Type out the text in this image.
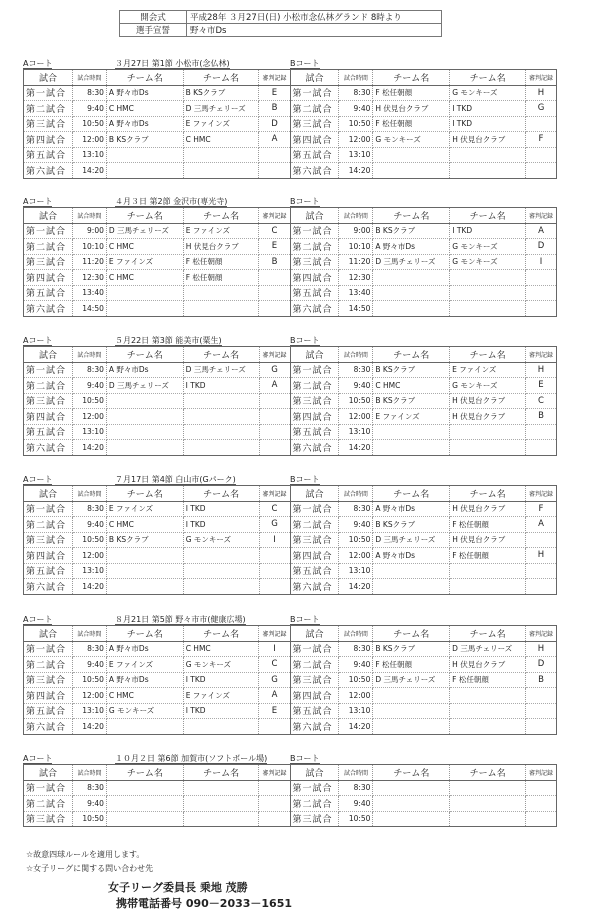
開会式	平成28年 ３月27日(日) 小松市念仏林グランド 8時より
選手宣誓	野々市Ds
Aコート	３月27日 第1節 小松市(念仏林)	Bコート
試合	試合時間	チーム名	チーム名	審判記録
第一試合	8:30	A 野々市Ds	B KSクラブ	E
第二試合	9:40	C HMC	D 三馬チェリーズ	B
第三試合	10:50	A 野々市Ds	E ファインズ	D
第四試合	12:00	B KSクラブ	C HMC	A
第五試合	13:10			
第六試合	14:20			
試合	試合時間	チーム名	チーム名	審判記録
第一試合	8:30	F 松任朝顔	G モンキーズ	H
第二試合	9:40	H 伏見台クラブ	I TKD	G
第三試合	10:50	F 松任朝顔	I TKD	
第四試合	12:00	G モンキーズ	H 伏見台クラブ	F
第五試合	13:10			
第六試合	14:20			
Aコート	４月３日 第2節 金沢市(専光寺)	Bコート
試合	試合時間	チーム名	チーム名	審判記録
第一試合	9:00	D 三馬チェリーズ	E ファインズ	C
第二試合	10:10	C HMC	H 伏見台クラブ	E
第三試合	11:20	E ファインズ	F 松任朝顔	B
第四試合	12:30	C HMC	F 松任朝顔	
第五試合	13:40			
第六試合	14:50			
試合	試合時間	チーム名	チーム名	審判記録
第一試合	9:00	B KSクラブ	I TKD	A
第二試合	10:10	A 野々市Ds	G モンキーズ	D
第三試合	11:20	D 三馬チェリーズ	G モンキーズ	I
第四試合	12:30			
第五試合	13:40			
第六試合	14:50			
Aコート	５月22日 第3節 能美市(粟生)	Bコート
試合	試合時間	チーム名	チーム名	審判記録
第一試合	8:30	A 野々市Ds	D 三馬チェリーズ	G
第二試合	9:40	D 三馬チェリーズ	I TKD	A
第三試合	10:50			
第四試合	12:00			
第五試合	13:10			
第六試合	14:20			
試合	試合時間	チーム名	チーム名	審判記録
第一試合	8:30	B KSクラブ	E ファインズ	H
第二試合	9:40	C HMC	G モンキーズ	E
第三試合	10:50	B KSクラブ	H 伏見台クラブ	C
第四試合	12:00	E ファインズ	H 伏見台クラブ	B
第五試合	13:10			
第六試合	14:20			
Aコート	７月17日 第4節 白山市(Gパーク)	Bコート
試合	試合時間	チーム名	チーム名	審判記録
第一試合	8:30	E ファインズ	I TKD	C
第二試合	9:40	C HMC	I TKD	G
第三試合	10:50	B KSクラブ	G モンキーズ	I
第四試合	12:00			
第五試合	13:10			
第六試合	14:20			
試合	試合時間	チーム名	チーム名	審判記録
第一試合	8:30	A 野々市Ds	H 伏見台クラブ	F
第二試合	9:40	B KSクラブ	F 松任朝顔	A
第三試合	10:50	D 三馬チェリーズ	H 伏見台クラブ	
第四試合	12:00	A 野々市Ds	F 松任朝顔	H
第五試合	13:10			
第六試合	14:20			
Aコート	８月21日 第5節 野々市市(健康広場)	Bコート
試合	試合時間	チーム名	チーム名	審判記録
第一試合	8:30	A 野々市Ds	C HMC	I
第二試合	9:40	E ファインズ	G モンキーズ	C
第三試合	10:50	A 野々市Ds	I TKD	G
第四試合	12:00	C HMC	E ファインズ	A
第五試合	13:10	G モンキーズ	I TKD	E
第六試合	14:20			
試合	試合時間	チーム名	チーム名	審判記録
第一試合	8:30	B KSクラブ	D 三馬チェリーズ	H
第二試合	9:40	F 松任朝顔	H 伏見台クラブ	D
第三試合	10:50	D 三馬チェリーズ	F 松任朝顔	B
第四試合	12:00			
第五試合	13:10			
第六試合	14:20			
Aコート	１０月２日 第6節 加賀市(ソフトボール場)	Bコート
試合	試合時間	チーム名	チーム名	審判記録
第一試合	8:30			
第二試合	9:40			
第三試合	10:50			
試合	試合時間	チーム名	チーム名	審判記録
第一試合	8:30			
第二試合	9:40			
第三試合	10:50			
☆故意四球ルールを適用します。
☆女子リーグに関する問い合わせ先
女子リーグ委員長 乗地 茂勝
携帯電話番号 090－2033－1651
